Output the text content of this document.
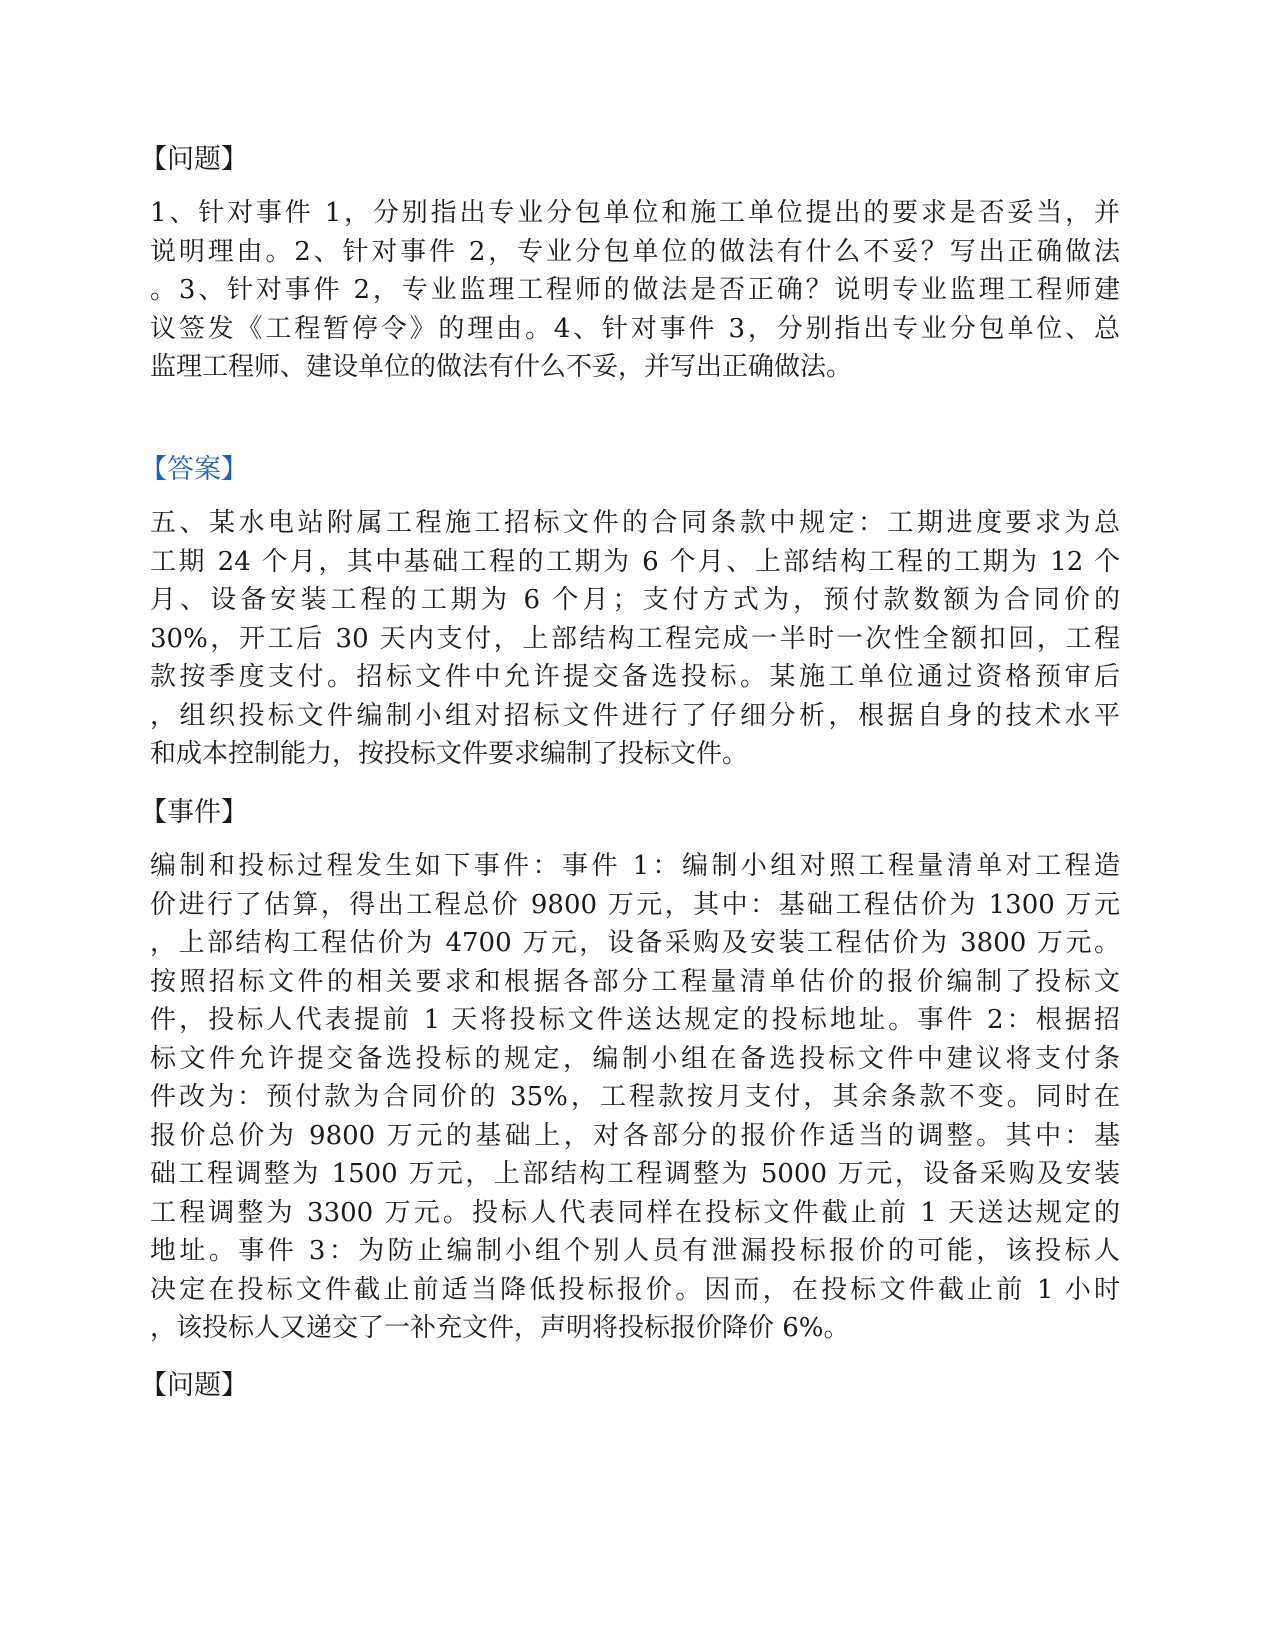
【问题】
1、针对事件 1，分别指出专业分包单位和施工单位提出的要求是否妥当，并
说明理由。2、针对事件 2，专业分包单位的做法有什么不妥？写出正确做法
。3、针对事件 2，专业监理工程师的做法是否正确？说明专业监理工程师建
议签发《工程暂停令》的理由。4、针对事件 3，分别指出专业分包单位、总
监理工程师、建设单位的做法有什么不妥，并写出正确做法。
【答案】
五、某水电站附属工程施工招标文件的合同条款中规定：工期进度要求为总
工期 24 个月，其中基础工程的工期为 6 个月、上部结构工程的工期为 12 个
月、设备安装工程的工期为 6 个月；支付方式为，预付款数额为合同价的
30%，开工后 30 天内支付，上部结构工程完成一半时一次性全额扣回，工程
款按季度支付。招标文件中允许提交备选投标。某施工单位通过资格预审后
，组织投标文件编制小组对招标文件进行了仔细分析，根据自身的技术水平
和成本控制能力，按投标文件要求编制了投标文件。
【事件】
编制和投标过程发生如下事件：事件 1：编制小组对照工程量清单对工程造
价进行了估算，得出工程总价 9800 万元，其中：基础工程估价为 1300 万元
，上部结构工程估价为 4700 万元，设备采购及安装工程估价为 3800 万元。
按照招标文件的相关要求和根据各部分工程量清单估价的报价编制了投标文
件，投标人代表提前 1 天将投标文件送达规定的投标地址。事件 2：根据招
标文件允许提交备选投标的规定，编制小组在备选投标文件中建议将支付条
件改为：预付款为合同价的 35%，工程款按月支付，其余条款不变。同时在
报价总价为 9800 万元的基础上，对各部分的报价作适当的调整。其中：基
础工程调整为 1500 万元，上部结构工程调整为 5000 万元，设备采购及安装
工程调整为 3300 万元。投标人代表同样在投标文件截止前 1 天送达规定的
地址。事件 3：为防止编制小组个别人员有泄漏投标报价的可能，该投标人
决定在投标文件截止前适当降低投标报价。因而，在投标文件截止前 1 小时
，该投标人又递交了一补充文件，声明将投标报价降价 6%。
【问题】
